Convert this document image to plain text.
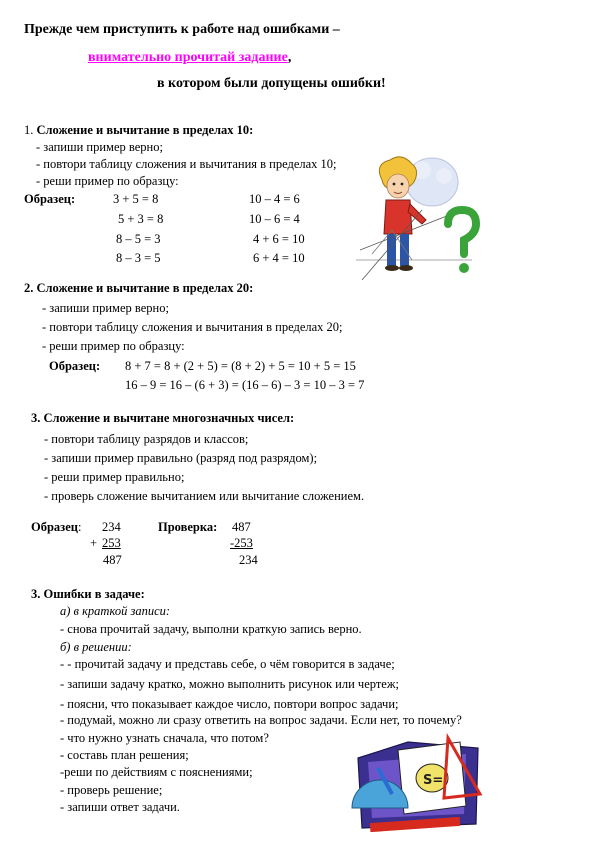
Прежде чем приступить к работе над ошибками –
внимательно прочитай задание,
в котором были допущены ошибки!
1. Сложение и вычитание в пределах 10:
- запиши пример верно;
- повтори таблицу сложения и вычитания в пределах 10;
- реши пример по образцу:
Образец:	3 + 5 = 8
5 + 3 = 8
8 – 5 = 3
8 – 3 = 5
10 – 4 = 6
10 – 6 = 4
4 + 6 = 10
6 + 4 = 10
2. Сложение и вычитание в пределах 20:
- запиши пример верно;
- повтори таблицу сложения и вычитания в пределах 20;
- реши пример по образцу:
Образец: 8 + 7 = 8 + (2 + 5) = (8 + 2) + 5 = 10 + 5 = 15
16 – 9 = 16 – (6 + 3) = (16 – 6) – 3 = 10 – 3 = 7
3. Сложение и вычитане многозначных чисел:
- повтори таблицу разрядов и классов;
- запиши пример правильно (разряд под разрядом);
- реши пример правильно;
- проверь сложение вычитанием или вычитание сложением.
Образец: 234
+ 253
487
Проверка: 487
-253
234
3. Ошибки в задаче:
а) в краткой записи:
- снова прочитай задачу, выполни краткую запись верно.
б) в решении:
- - прочитай задачу и представь себе, о чём говорится в задаче;
- запиши задачу кратко, можно выполнить рисунок или чертеж;
- поясни, что показывает каждое число, повтори вопрос задачи;
- подумай, можно ли сразу ответить на вопрос задачи. Если нет, то почему?
- что нужно узнать сначала, что потом?
- составь план решения;
-реши по действиям с пояснениями;
- проверь решение;
- запиши ответ задачи.
S=
